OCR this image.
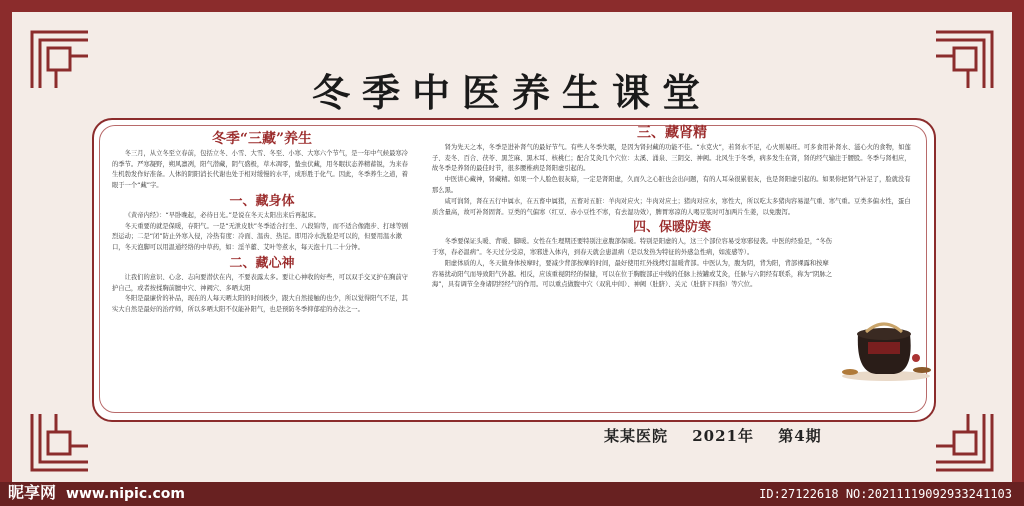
冬季中医养生课堂
冬季“三藏”养生

冬三月，从立冬至立春前，包括立冬、小雪、大雪、冬至、小寒、大寒六个节气，是一年中气候最寒冷的季节。严寒凝野，朔风凛冽，阳气潜藏，阴气盛极，草木凋零，蛰虫伏藏，用冬眠状态养精蓄锐，为来春生机勃发作好准备。人体的阴阳消长代谢也处于相对缓慢的水平，成形胜于化气。因此，冬季养生之道，着眼于一个“藏”字。

一、藏身体

《黄帝内经》：“早卧晚起，必待日光。”是说在冬天太阳出来后再起床。

冬天重要的就是保暖，存阳气。一是“无泄皮肤”冬季适合打坐、八段锦等，而不适合像跑步、打球等剧烈运动；二是“闭”防止外寒入侵，冷热有度：冷面、温齿、热足。即用冷水洗脸是可以的，但要用温水漱口，冬天泡脚可以用温通经络的中草药，如：淫羊藿、艾叶等煮水，每天泡十几二十分钟。

二、藏心神

让我们的意识、心念、志向要潜伏在内，不要表露太多。要让心神收的好些，可以双手交叉护在胸前守护自己，或者按揉胸前膻中穴、神阙穴、多晒太阳

冬阳是最廉价的补品，现在的人每天晒太阳的时间极少，跟大自然接触的也少，所以觉得阳气不足，其实大自然是最好的治疗师，所以多晒太阳不仅能补阳气，也是预防冬季抑郁症的办法之一。

三、藏肾精

肾为先天之本，冬季是进补肾气的最好节气。有些人冬季失眠，是因为肾封藏的功能不佳。“水克火”，若肾水不足，心火则易旺。可多食用补肾水、滋心火的食物，如莲子、麦冬、百合、茯苓、黑芝麻、黑木耳、核桃仁；配合艾灸几个穴位：太溪、涌泉、三阴交、神阙。北风生于冬季，病多发生在肾，肾的经气输注于腰股。冬季与肾相应，故冬季是养肾的最佳时节，很多腰椎病是肾阳虚引起的。

中医讲心藏神，肾藏精。如果一个人脸色很灰暗，一定是肾阳虚，久而久之心脏也会出问题，有的人耳朵很累很灰，也是肾阳虚引起的。如果你把肾气补足了，脸就没有那么黑。

咸可润肾，肾在五行中属水，在五畜中属猪，五畜对五脏：羊肉对应火；牛肉对应土；猪肉对应水，寒性大，所以吃太多猪肉容易湿气重、寒气重。豆类多偏水性，蛋白质含量高，故可补肾固肾。豆类的气偏寒（红豆、赤小豆性不寒，有去湿功效），脾胃寒凉的人喝豆浆时可加两片生姜，以免腹泻。

四、保暖防寒

冬季要保证头暖、背暖、脚暖。女性在生理期还要特别注意腹部保暖。特别是阳虚的人，这三个部位容易受寒邪侵袭。中医的经验是，“冬伤于寒，春必温病”。冬天过分受凉，寒邪进入体内，到春天就会患温病（是以发热为特征的外感急性病，如流感等）。

阳虚体质的人，冬天做身体按摩时，要减少背部按摩的时间，最好使用红外线烤灯温暖背部。中医认为，腹为阴，背为阳，背部裸露和按摩容易扰动阳气而导致阳气外越。相反，应该重视阴经的保健，可以在位于胸腹部正中线的任脉上按罐或艾灸，任脉与六阴经有联系，称为“阴脉之海”，具有调节全身诸阴经经气的作用。可以重点做腹中穴（双乳中间）、神阙（肚脐）、关元（肚脐下四指）等穴位。

某某医院 2021年 第4期
昵享网 www.nipic.com	ID:27122618 NO:20211119092933241103
